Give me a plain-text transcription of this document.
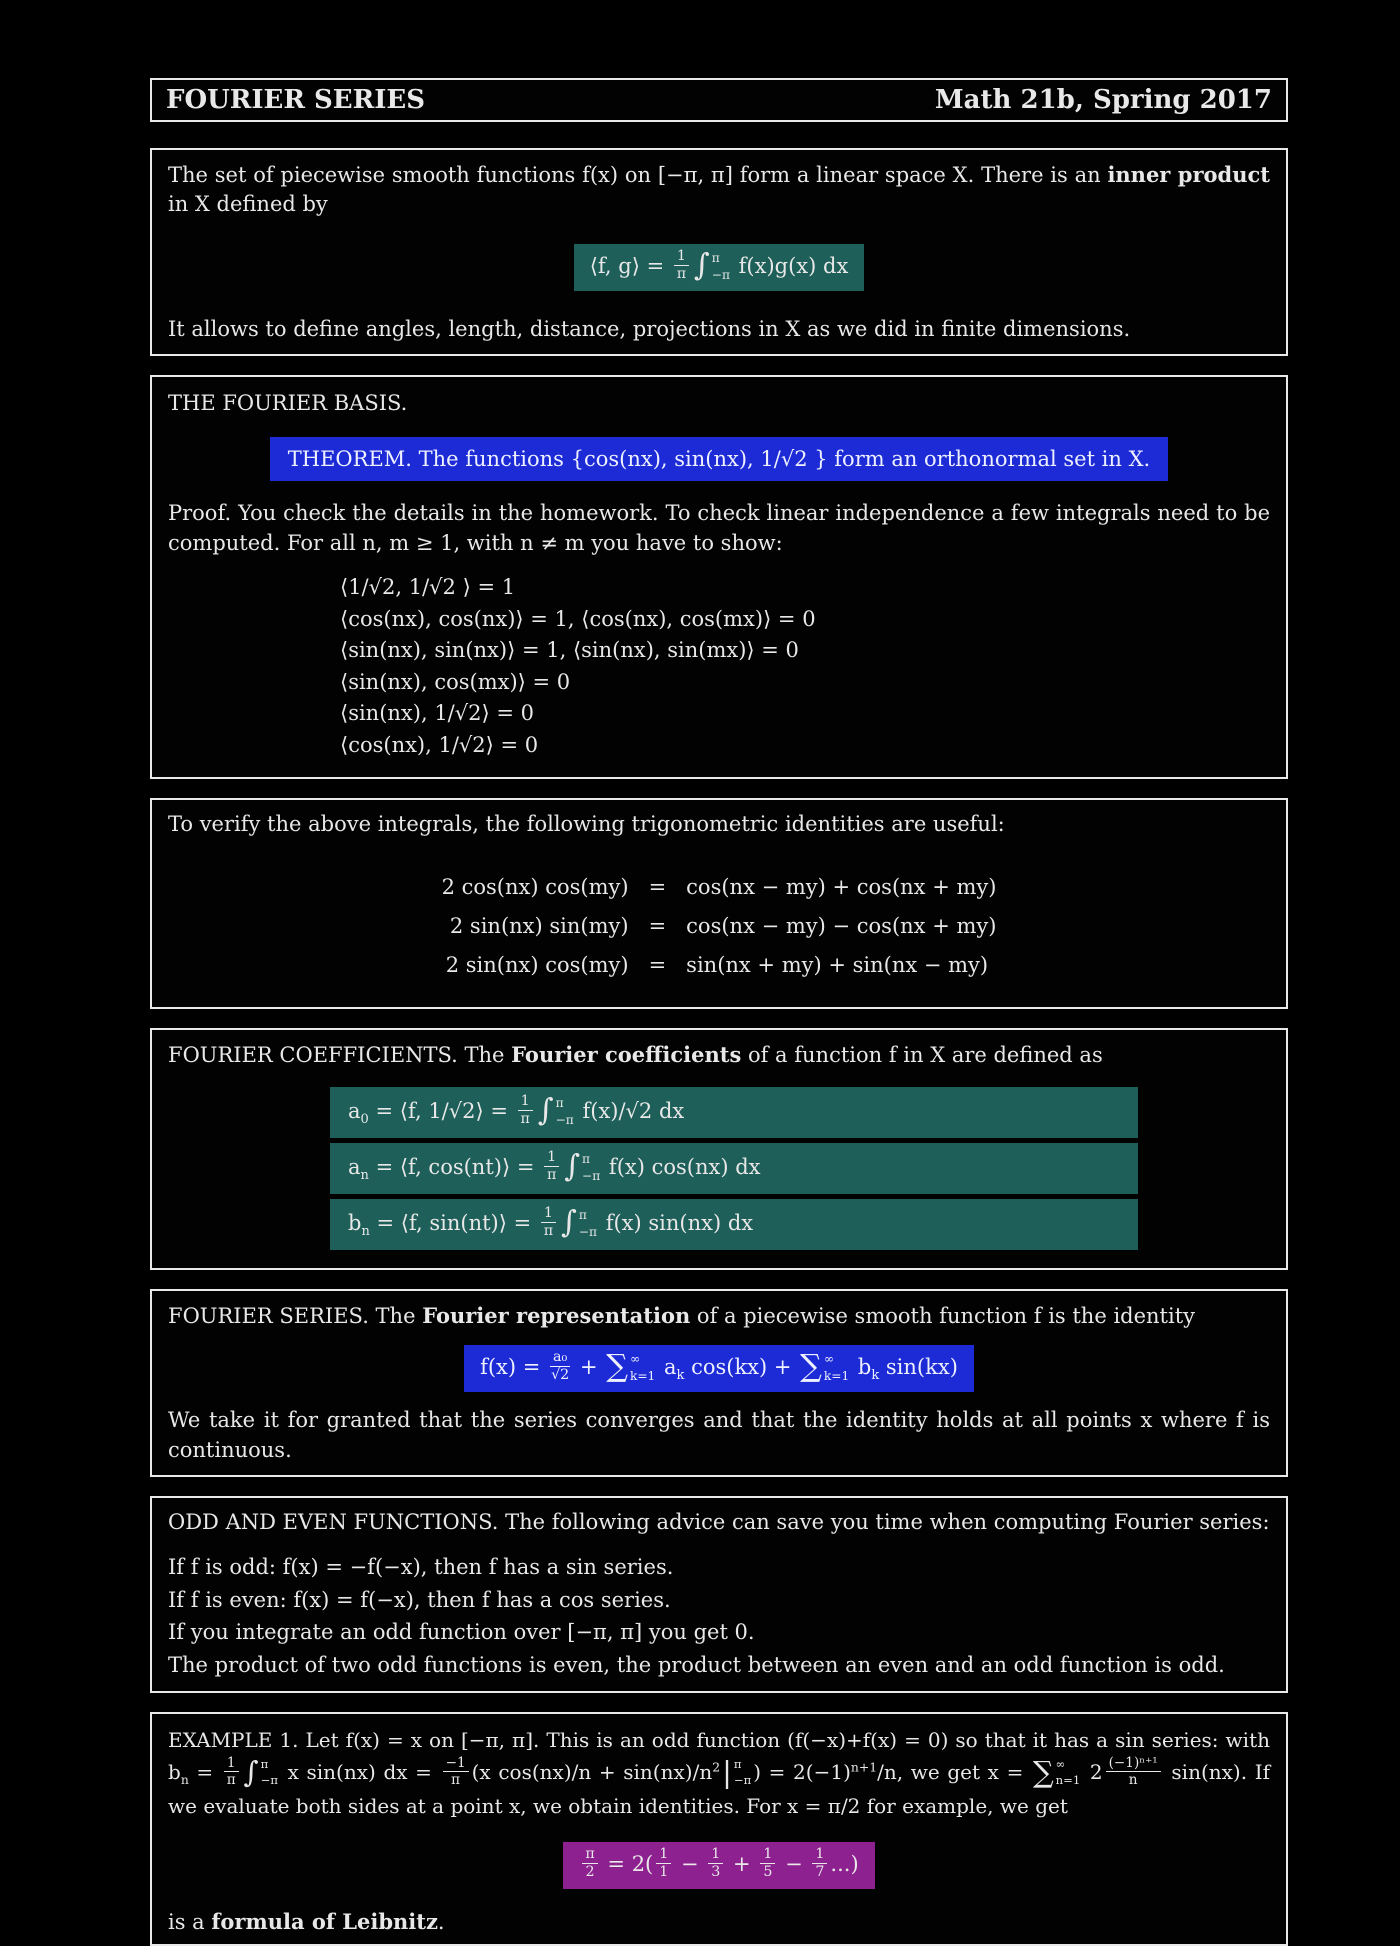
FOURIER SERIES	Math 21b, Spring 2017
The set of piecewise smooth functions f(x) on [−π, π] form a linear space X. There is an inner product in X defined by
⟨f, g⟩ = $\frac{1}{\pi}$ ∫ π
−π f(x)g(x) dx
It allows to define angles, length, distance, projections in X as we did in finite dimensions.
THE FOURIER BASIS.
THEOREM. The functions {cos(nx), sin(nx), 1/√2 } form an orthonormal set in X.
Proof. You check the details in the homework. To check linear independence a few integrals need to be computed. For all n, m ≥ 1, with n ≠ m you have to show:
⟨1/√2, 1/√2 ⟩ = 1
⟨cos(nx), cos(nx)⟩ = 1, ⟨cos(nx), cos(mx)⟩ = 0
⟨sin(nx), sin(nx)⟩ = 1, ⟨sin(nx), sin(mx)⟩ = 0
⟨sin(nx), cos(mx)⟩ = 0
⟨sin(nx), 1/√2⟩ = 0
⟨cos(nx), 1/√2⟩ = 0
To verify the above integrals, the following trigonometric identities are useful:
2 cos(nx) cos(my) = cos(nx − my) + cos(nx + my)
2 sin(nx) sin(my) = cos(nx − my) − cos(nx + my)
2 sin(nx) cos(my) = sin(nx + my) + sin(nx − my)
FOURIER COEFFICIENTS. The Fourier coefficients of a function f in X are defined as
$a_0$ = ⟨f, 1/√2⟩ = $\frac{1}{\pi}$ ∫ π
−π f(x)/√2 dx
$a_n$ = ⟨f, cos(nt)⟩ = $\frac{1}{\pi}$ ∫ π
−π f(x) cos(nx) dx
$b_n$ = ⟨f, sin(nt)⟩ = $\frac{1}{\pi}$ ∫ π
−π f(x) sin(nx) dx
FOURIER SERIES. The Fourier representation of a piecewise smooth function f is the identity
$f(x) = \frac{\text{a₀}}{√2}$ + ∑ ∞
k=1 $a_k$ cos(kx) + ∑ ∞
k=1 $b_k$ sin(kx)
We take it for granted that the series converges and that the identity holds at all points x where f is continuous.
ODD AND EVEN FUNCTIONS. The following advice can save you time when computing Fourier series:
If f is odd: f(x) = −f(−x), then f has a sin series.
If f is even: f(x) = f(−x), then f has a cos series.
If you integrate an odd function over [−π, π] you get 0.
The product of two odd functions is even, the product between an even and an odd function is odd.
EXAMPLE 1. Let f(x) = x on [−π, π]. This is an odd function (f(−x)+f(x) = 0) so that it has a sin series: with $b_n = \frac{1}{\pi}$ ∫ π
−π x sin(nx) dx = $\frac{-1}{\pi} (x$ $\cos(nx)/n + \sin(nx)/n^2$ | π
−π ) = $2(-1)^{n+1}/n$, we get x = ∑ ∞
n=1 $2 \frac{\text{(−1)ⁿ⁺¹}}{n} \sin(nx)$. If we evaluate both sides at a point x, we obtain identities. For x = π/2 for example, we get
$\frac{\pi}{2} = 2( \frac{1}{1} - \frac{1}{3} + \frac{1}{5} - \frac{1}{7}$ ...)
is a formula of Leibnitz.
